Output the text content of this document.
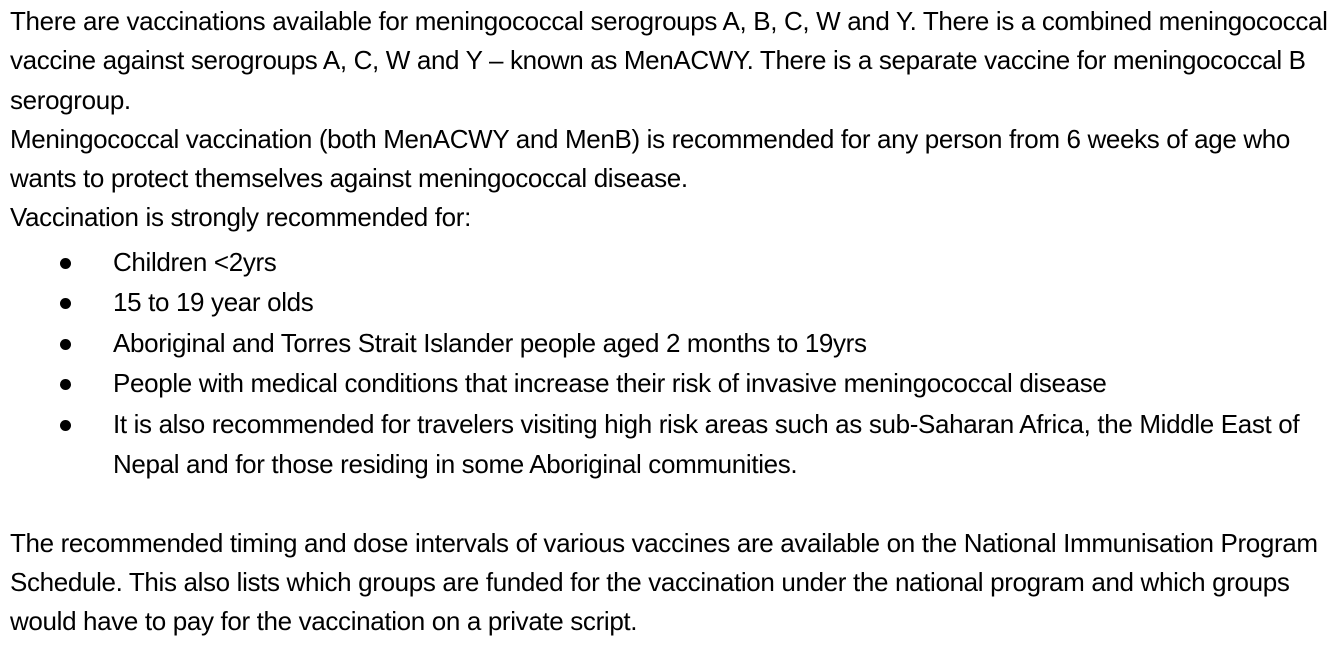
There are vaccinations available for meningococcal serogroups A, B, C, W and Y. There is a combined meningococcal vaccine against serogroups A, C, W and Y – known as MenACWY. There is a separate vaccine for meningococcal B serogroup.

Meningococcal vaccination (both MenACWY and MenB) is recommended for any person from 6 weeks of age who wants to protect themselves against meningococcal disease.

Vaccination is strongly recommended for:

Children <2yrs
15 to 19 year olds
Aboriginal and Torres Strait Islander people aged 2 months to 19yrs
People with medical conditions that increase their risk of invasive meningococcal disease
It is also recommended for travelers visiting high risk areas such as sub-Saharan Africa, the Middle East of Nepal and for those residing in some Aboriginal communities.

The recommended timing and dose intervals of various vaccines are available on the National Immunisation Program Schedule. This also lists which groups are funded for the vaccination under the national program and which groups would have to pay for the vaccination on a private script.
